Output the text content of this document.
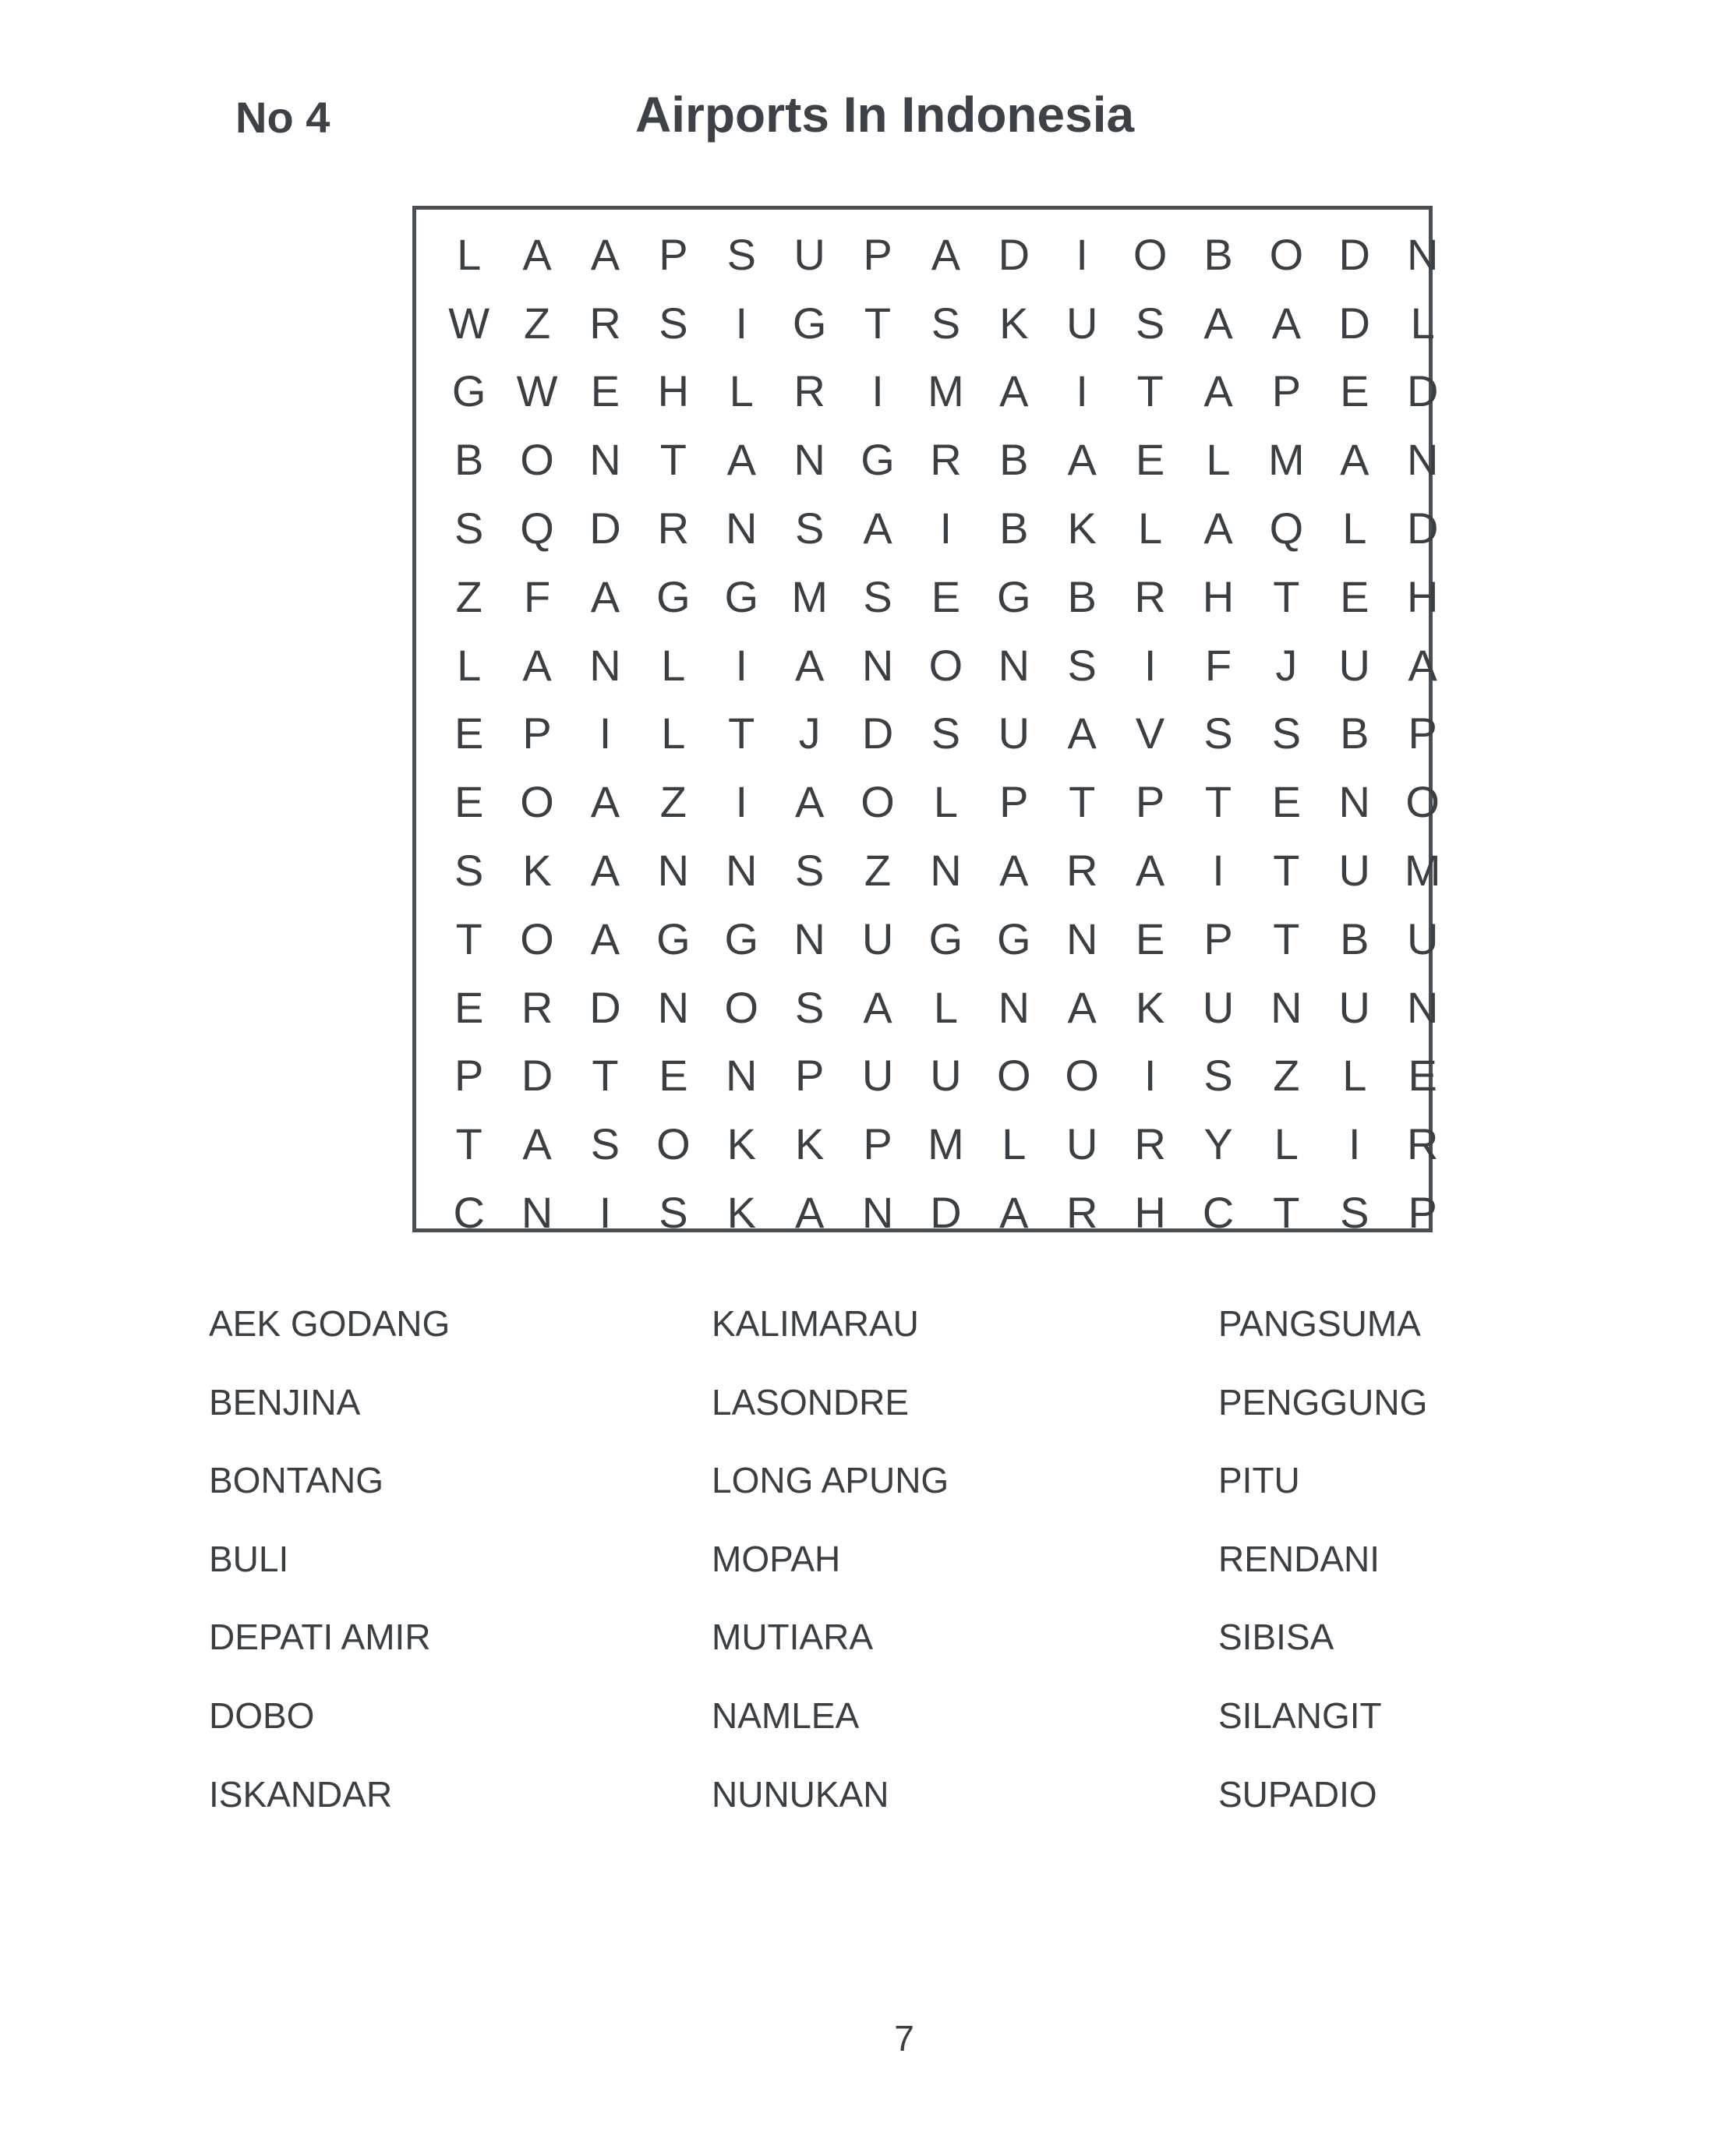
No 4	Airports In Indonesia
L A A P S U P A D	I	O B O D N
W Z R S	I	G T S K U S A A D L
G W E H L R	I	M A	I	T A P E D
B O N T A N G R B A E L M A N
S Q D R N S A	I	B K L A Q L D
Z F A G G M S E G B R H T E H
L A N L	I	A N O N S	I	F	J U A
E P	I	L T	J D S U A V S S B P
E O A Z	I	A O L P T P T E N O
S K A N N S Z N A R A	I	T U M
T O A G G N U G G N E P T B U
E R D N O S A L N A K U N U N
P D T E N P U U O O	I	S Z L E
T A S O K K P M L U R Y L	I	R
C N	I	S K A N D A R H C T S P
AEK GODANG
BENJINA
BONTANG
BULI
DEPATI AMIR
DOBO
ISKANDAR
KALIMARAU
LASONDRE
LONG APUNG
MOPAH
MUTIARA
NAMLEA
NUNUKAN
PANGSUMA
PENGGUNG
PITU
RENDANI
SIBISA
SILANGIT
SUPADIO
7
